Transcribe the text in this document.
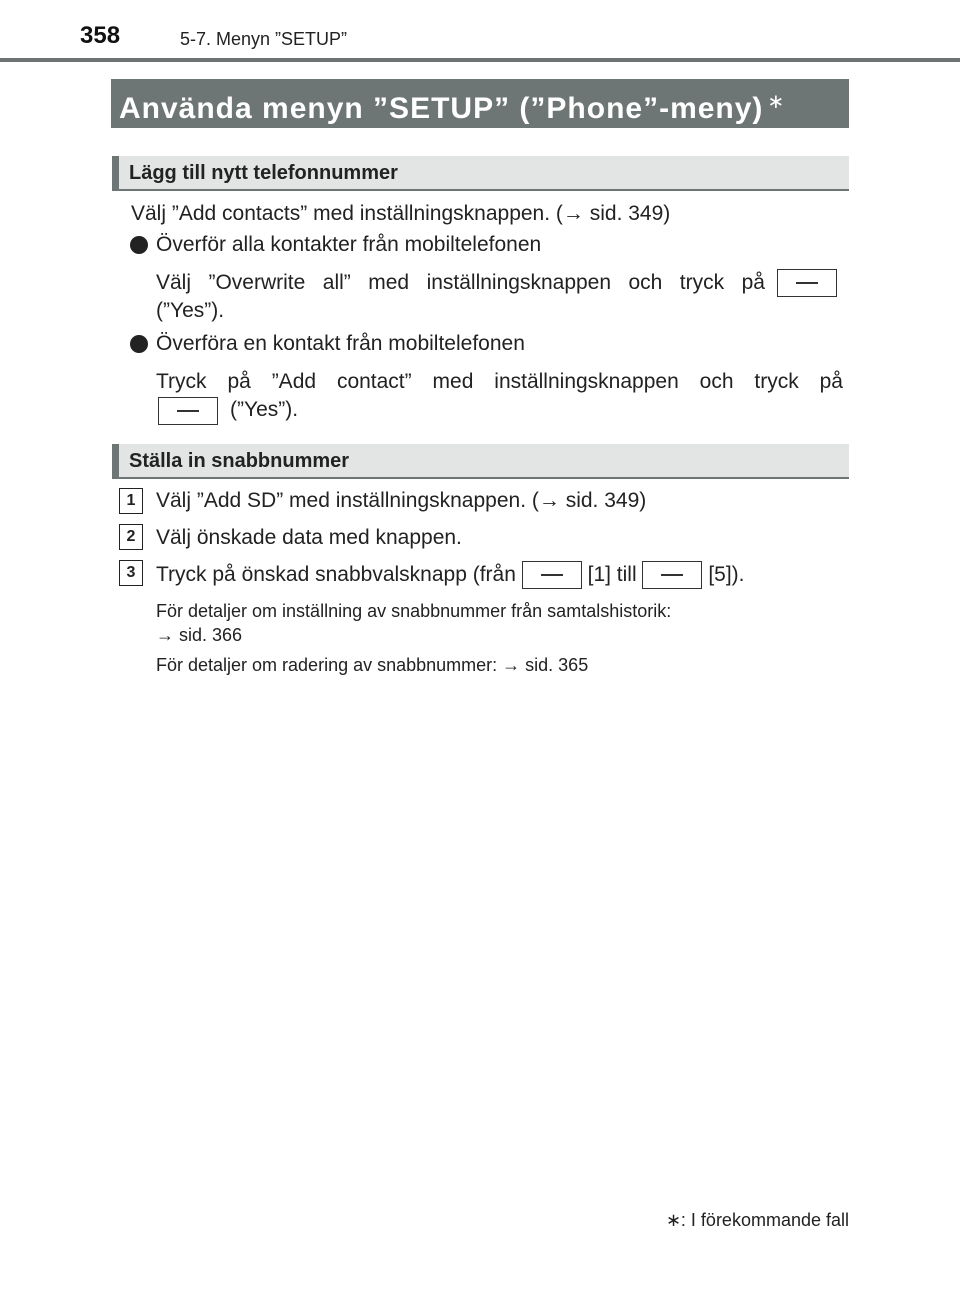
358	5-7. Menyn ”SETUP”
Använda menyn ”SETUP” (”Phone”-meny) ∗
Lägg till nytt telefonnummer
Välj ”Add contacts” med inställningsknappen. (→ sid. 349)
Överför alla kontakter från mobiltelefonen
Välj ”Overwrite all” med inställningsknappen och tryck på
(”Yes”).
Överföra en kontakt från mobiltelefonen
Tryck på ”Add contact” med inställningsknappen och tryck på
(”Yes”).
Ställa in snabbnummer
1 Välj ”Add SD” med inställningsknappen. (→ sid. 349)
2 Välj önskade data med knappen.
3 Tryck på önskad snabbvalsknapp (från	[1] till	[5]).
För detaljer om inställning av snabbnummer från samtalshistorik:
→ sid. 366
För detaljer om radering av snabbnummer: → sid. 365
∗: I förekommande fall
